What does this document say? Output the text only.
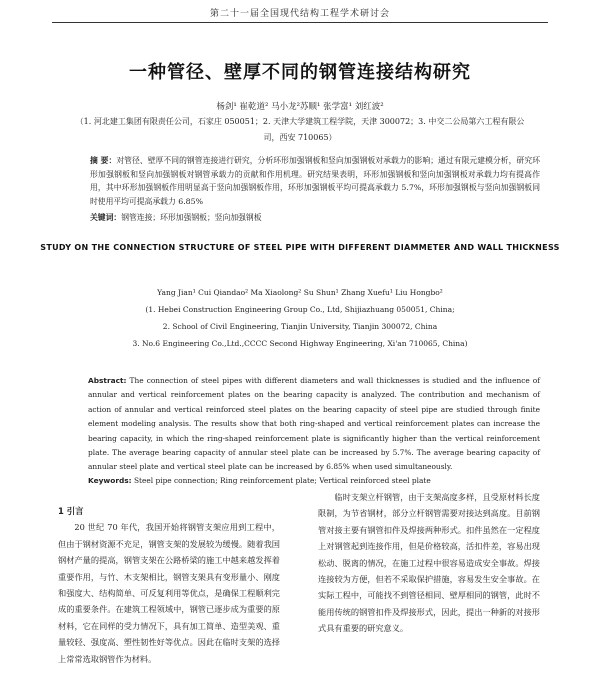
第二十一届全国现代结构工程学术研讨会
一种管径、壁厚不同的钢管连接结构研究
杨剑¹ 崔乾道² 马小龙²苏顺¹ 张学富¹ 刘红波²
（1. 河北建工集团有限责任公司，石家庄 050051；2. 天津大学建筑工程学院，天津 300072；3. 中交二公局第六工程有限公司，西安 710065）
摘 要：对管径、壁厚不同的钢管连接进行研究，分析环形加强钢板和竖向加强钢板对承载力的影响；通过有限元建模分析，研究环形加强钢板和竖向加强钢板对钢管承载力的贡献和作用机理。研究结果表明，环形加强钢板和竖向加强钢板对承载力均有提高作用，其中环形加强钢板作用明显高于竖向加强钢板作用，环形加强钢板平均可提高承载力 5.7%，环形加强钢板与竖向加强钢板同时使用平均可提高承载力 6.85%
关键词：钢管连接；环形加强钢板；竖向加强钢板
STUDY ON THE CONNECTION STRUCTURE OF STEEL PIPE WITH DIFFERENT DIAMMETER AND WALL THICKNESS
Yang Jian¹ Cui Qiandao² Ma Xiaolong² Su Shun¹ Zhang Xuefu¹ Liu Hongbo²
(1. Hebei Construction Engineering Group Co., Ltd, Shijiazhuang 050051, China;
2. School of Civil Engineering, Tianjin University, Tianjin 300072, China
3. No.6 Engineering Co.,Ltd.,CCCC Second Highway Engineering, Xi'an 710065, China)
Abstract: The connection of steel pipes with different diameters and wall thicknesses is studied and the influence of annular and vertical reinforcement plates on the bearing capacity is analyzed. The contribution and mechanism of action of annular and vertical reinforced steel plates on the bearing capacity of steel pipe are studied through finite element modeling analysis. The results show that both ring-shaped and vertical reinforcement plates can increase the bearing capacity, in which the ring-shaped reinforcement plate is significantly higher than the vertical reinforcement plate. The average bearing capacity of annular steel plate can be increased by 5.7%. The average bearing capacity of annular steel plate and vertical steel plate can be increased by 6.85% when used simultaneously.
Keywords: Steel pipe connection; Ring reinforcement plate; Vertical reinforced steel plate
1 引言

20 世纪 70 年代，我国开始将钢管支架应用到工程中，但由于钢材资源不充足，钢管支架的发展较为缓慢。随着我国钢材产量的提高，钢管支架在公路桥梁的施工中越来越发挥着重要作用，与竹、木支架相比，钢管支架具有变形量小、刚度和强度大、结构简单、可反复利用等优点，是确保工程顺利完成的重要条件。在建筑工程领域中，钢管已逐步成为重要的原材料，它在同样的受力情况下，具有加工简单、造型美观、重量较轻、强度高、塑性韧性好等优点。因此在临时支架的选择上常常选取钢管作为材料。

临时支架立杆钢管，由于支架高度多样，且受原材料长度限制，为节省钢材，部分立杆钢管需要对接达到高度。目前钢管对接主要有钢管扣件及焊接两种形式。扣件虽然在一定程度上对钢管起到连接作用，但是价格较高，活扣件差，容易出现松动、脱离的情况，在施工过程中很容易造成安全事故。焊接连接较为方便，但若不采取保护措施，容易发生安全事故。在实际工程中，可能找不到管径相同、壁厚相同的钢管，此时不能用传统的钢管扣件及焊接形式，因此，提出一种新的对接形式具有重要的研究意义。
